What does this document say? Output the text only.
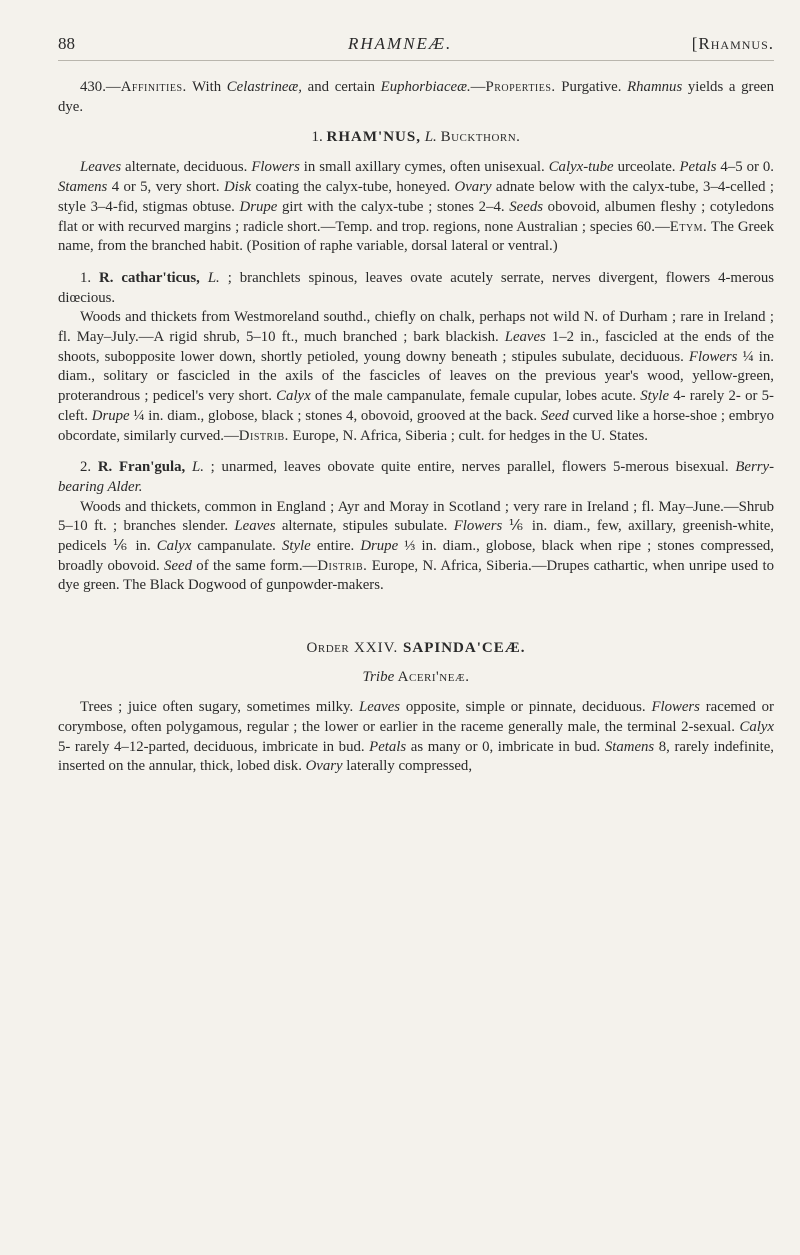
88	RHAMNEÆ.	[Rhamnus.

430.—Affinities. With Celastrineæ, and certain Euphorbiaceæ.—Properties. Purgative. Rhamnus yields a green dye.

1. RHAM'NUS, L. Buckthorn.

Leaves alternate, deciduous. Flowers in small axillary cymes, often unisexual. Calyx-tube urceolate. Petals 4–5 or 0. Stamens 4 or 5, very short. Disk coating the calyx-tube, honeyed. Ovary adnate below with the calyx-tube, 3–4-celled ; style 3–4-fid, stigmas obtuse. Drupe girt with the calyx-tube ; stones 2–4. Seeds obovoid, albumen fleshy ; cotyledons flat or with recurved margins ; radicle short.—Temp. and trop. regions, none Australian ; species 60.—Etym. The Greek name, from the branched habit. (Position of raphe variable, dorsal lateral or ventral.)

1. R. cathar'ticus, L. ; branchlets spinous, leaves ovate acutely serrate, nerves divergent, flowers 4-merous diœcious.

Woods and thickets from Westmoreland southd., chiefly on chalk, perhaps not wild N. of Durham ; rare in Ireland ; fl. May–July.—A rigid shrub, 5–10 ft., much branched ; bark blackish. Leaves 1–2 in., fascicled at the ends of the shoots, subopposite lower down, shortly petioled, young downy beneath ; stipules subulate, deciduous. Flowers ¼ in. diam., solitary or fascicled in the axils of the fascicles of leaves on the previous year's wood, yellow-green, proterandrous ; pedicel's very short. Calyx of the male campanulate, female cupular, lobes acute. Style 4- rarely 2- or 5-cleft. Drupe ¼ in. diam., globose, black ; stones 4, obovoid, grooved at the back. Seed curved like a horse-shoe ; embryo obcordate, similarly curved.—Distrib. Europe, N. Africa, Siberia ; cult. for hedges in the U. States.

2. R. Fran'gula, L. ; unarmed, leaves obovate quite entire, nerves parallel, flowers 5-merous bisexual. Berry-bearing Alder.

Woods and thickets, common in England ; Ayr and Moray in Scotland ; very rare in Ireland ; fl. May–June.—Shrub 5–10 ft. ; branches slender. Leaves alternate, stipules subulate. Flowers ⅙ in. diam., few, axillary, greenish-white, pedicels ⅙ in. Calyx campanulate. Style entire. Drupe ⅓ in. diam., globose, black when ripe ; stones compressed, broadly obovoid. Seed of the same form.—Distrib. Europe, N. Africa, Siberia.—Drupes cathartic, when unripe used to dye green. The Black Dogwood of gunpowder-makers.

Order XXIV. SAPINDA'CEÆ.
Tribe Aceri'neæ.

Trees ; juice often sugary, sometimes milky. Leaves opposite, simple or pinnate, deciduous. Flowers racemed or corymbose, often polygamous, regular ; the lower or earlier in the raceme generally male, the terminal 2-sexual. Calyx 5- rarely 4–12-parted, deciduous, imbricate in bud. Petals as many or 0, imbricate in bud. Stamens 8, rarely indefinite, inserted on the annular, thick, lobed disk. Ovary laterally compressed,
